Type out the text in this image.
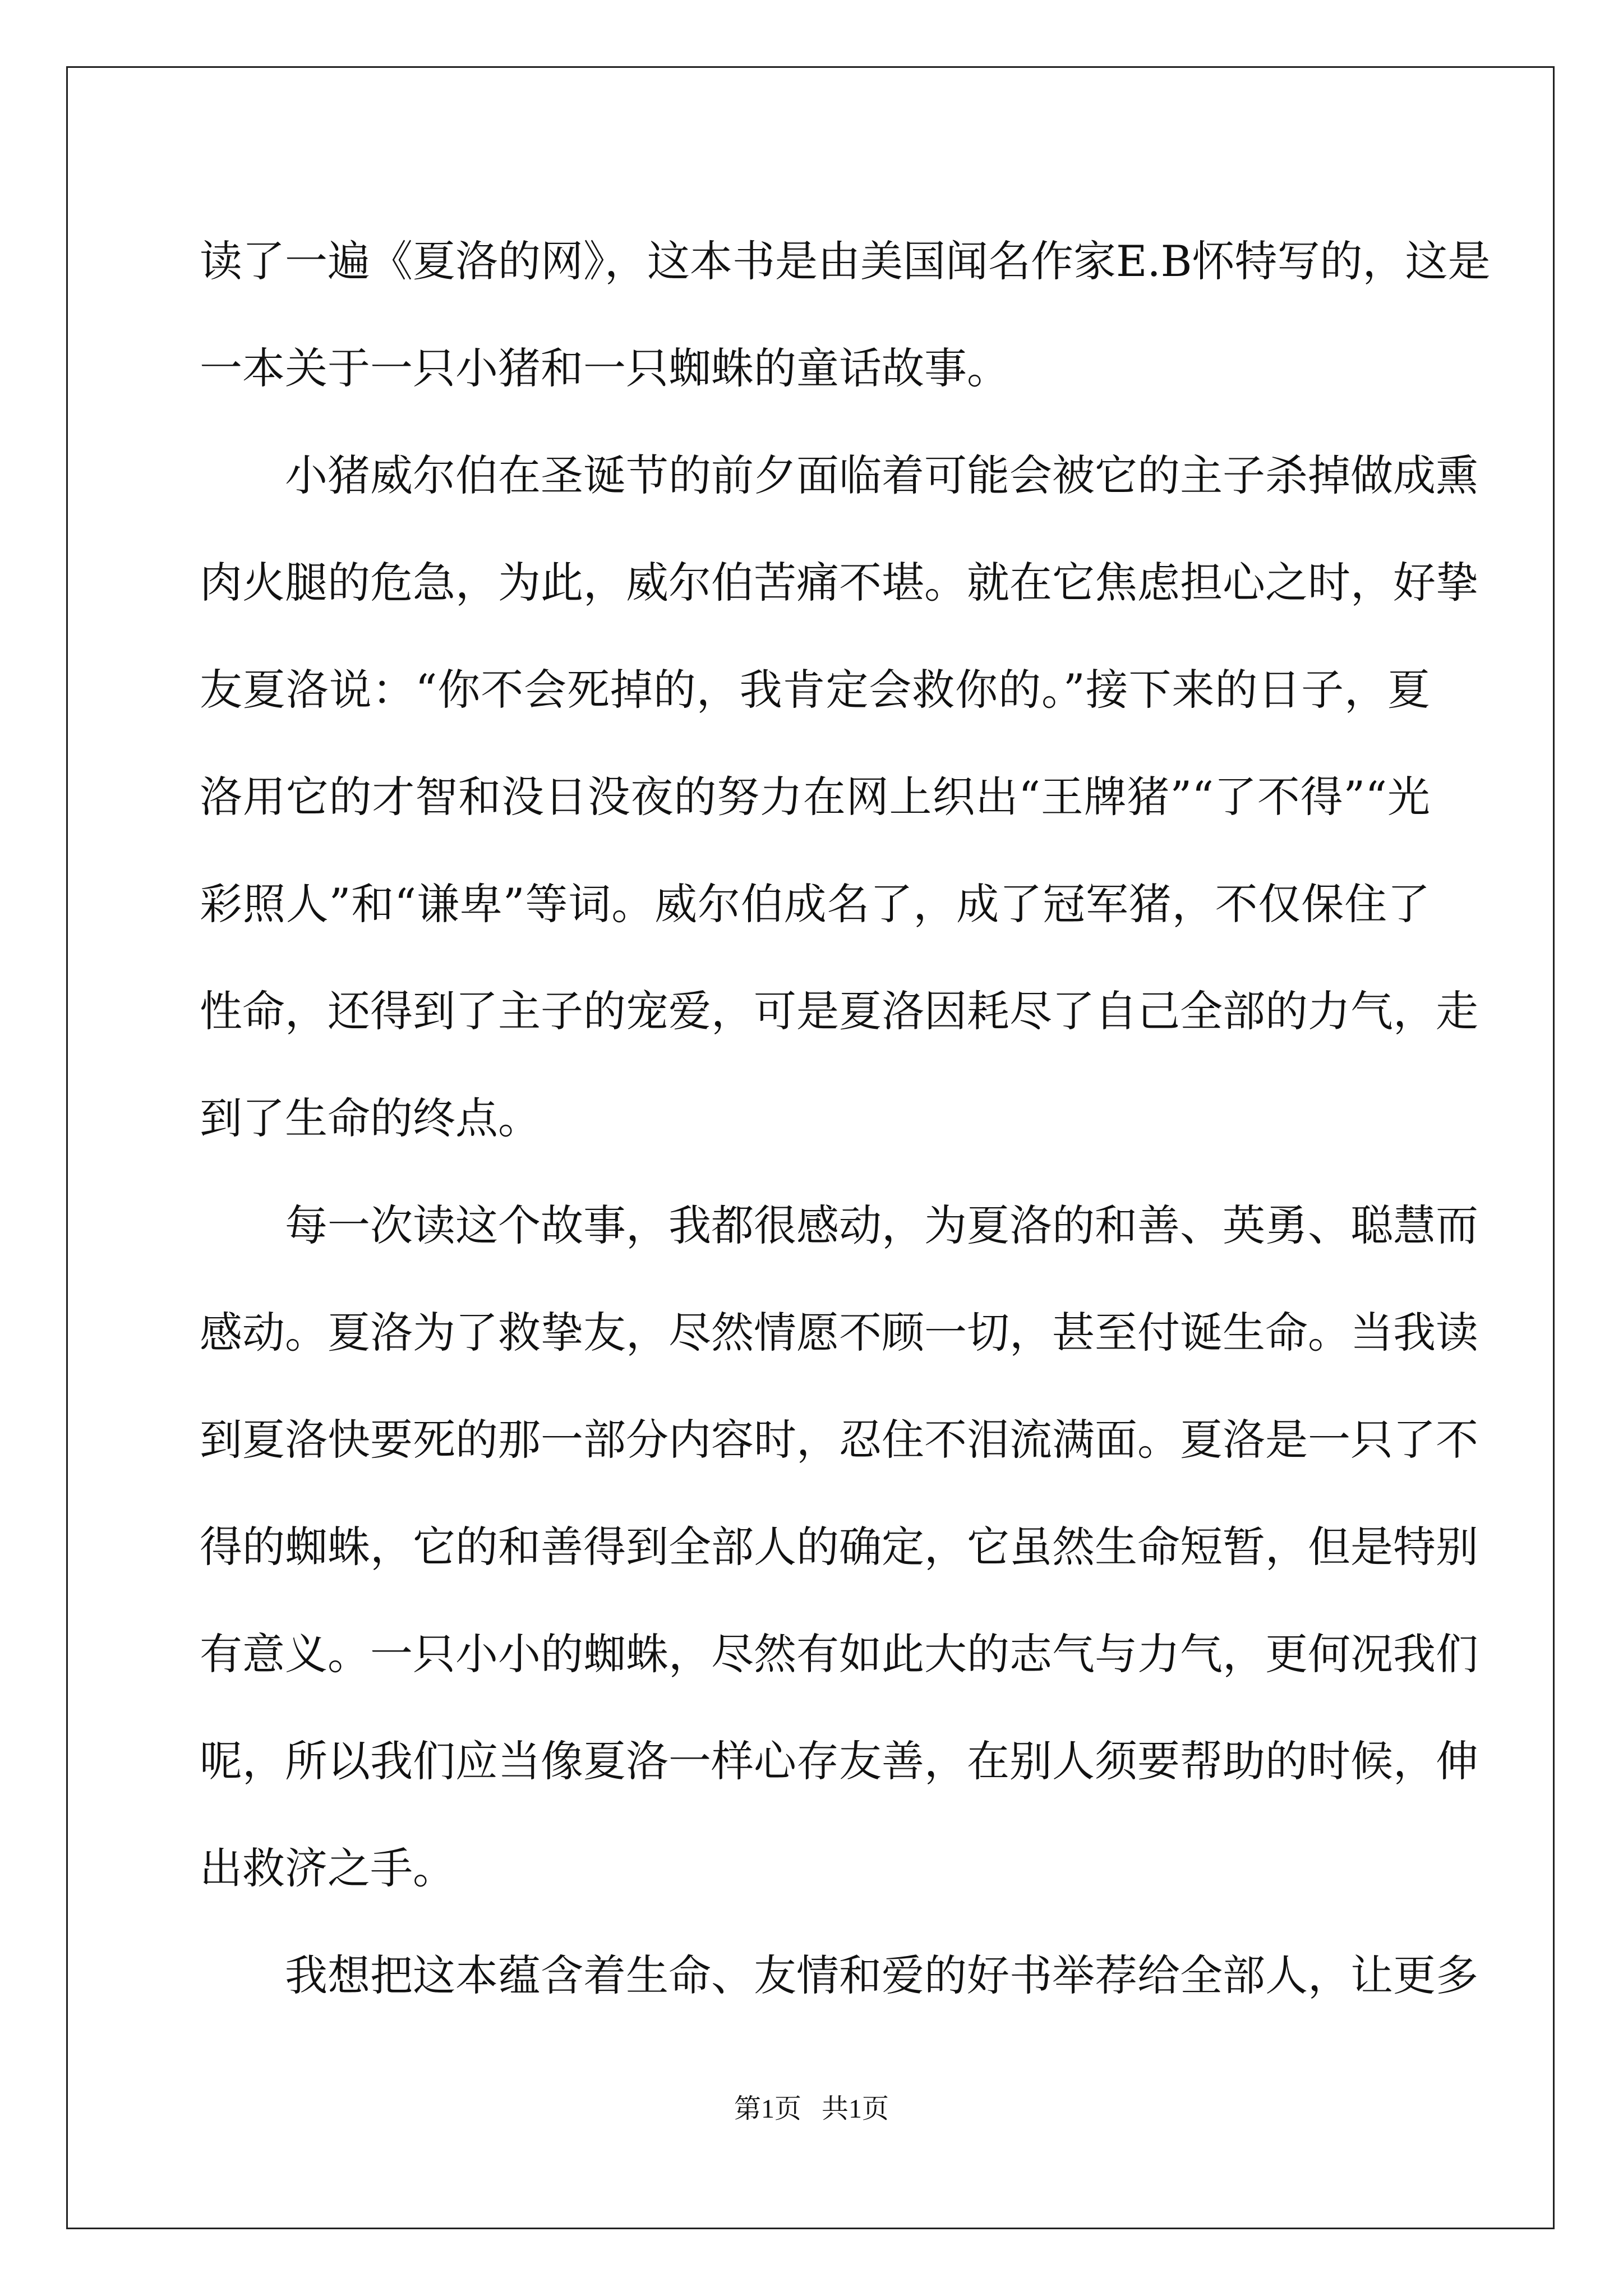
读了一遍《夏洛的网》，这本书是由美国闻名作家E.B怀特写的，这是
一本关于一只小猪和一只蜘蛛的童话故事。
小猪威尔伯在圣诞节的前夕面临着可能会被它的主子杀掉做成熏
肉火腿的危急，为此，威尔伯苦痛不堪。就在它焦虑担心之时，好挚
友夏洛说：“你不会死掉的，我肯定会救你的。”接下来的日子，夏
洛用它的才智和没日没夜的努力在网上织出“王牌猪”“了不得”“光
彩照人”和“谦卑”等词。威尔伯成名了，成了冠军猪，不仅保住了
性命，还得到了主子的宠爱，可是夏洛因耗尽了自己全部的力气，走
到了生命的终点。
每一次读这个故事，我都很感动，为夏洛的和善、英勇、聪慧而
感动。夏洛为了救挚友，尽然情愿不顾一切，甚至付诞生命。当我读
到夏洛快要死的那一部分内容时，忍住不泪流满面。夏洛是一只了不
得的蜘蛛，它的和善得到全部人的确定，它虽然生命短暂，但是特别
有意义。一只小小的蜘蛛，尽然有如此大的志气与力气，更何况我们
呢，所以我们应当像夏洛一样心存友善，在别人须要帮助的时候，伸
出救济之手。
我想把这本蕴含着生命、友情和爱的好书举荐给全部人，让更多
第1页   共1页
